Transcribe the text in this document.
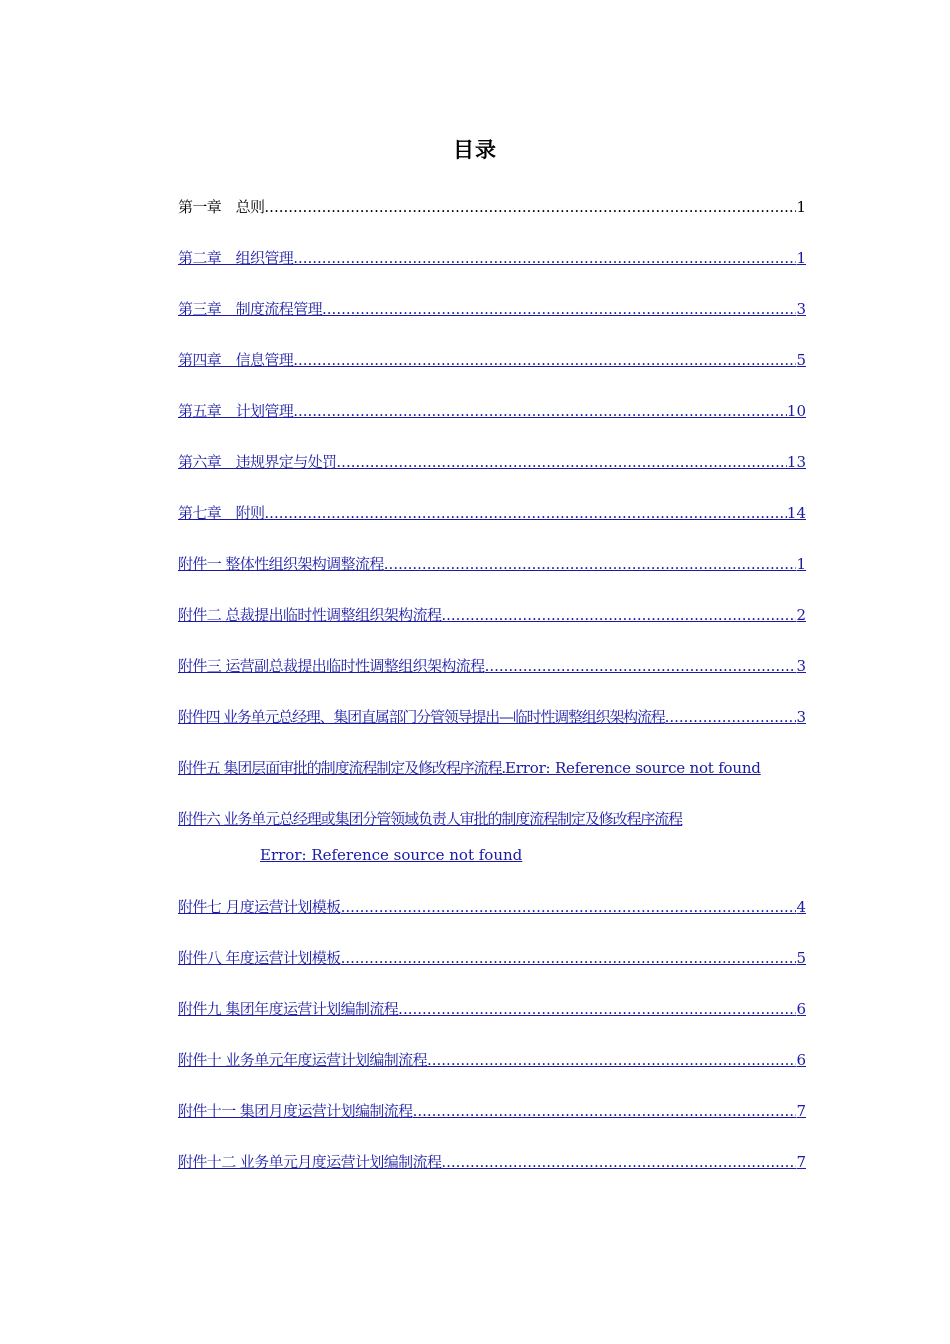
目录
第一章　总则 .....	1
第二章　组织管理 .....	1
第三章　制度流程管理 .....	3
第四章　信息管理 .....	5
第五章　计划管理 .....	10
第六章　违规界定与处罚 .....	13
第七章　附则 .....	14
附件一 整体性组织架构调整流程 .....	1
附件二 总裁提出临时性调整组织架构流程 .....	2
附件三 运营副总裁提出临时性调整组织架构流程 .....	3
附件四 业务单元总经理、集团直属部门分管领导提出—临时性调整组织架构流程 .....	3
附件五 集团层面审批的制度流程制定及修改程序流程. Error: Reference source not found
附件六 业务单元总经理或集团分管领域负责人审批的制度流程制定及修改程序流程
Error: Reference source not found
附件七 月度运营计划模板 .....	4
附件八 年度运营计划模板 .....	5
附件九 集团年度运营计划编制流程 .....	6
附件十 业务单元年度运营计划编制流程 .....	6
附件十一 集团月度运营计划编制流程 .....	7
附件十二 业务单元月度运营计划编制流程 .....	7
